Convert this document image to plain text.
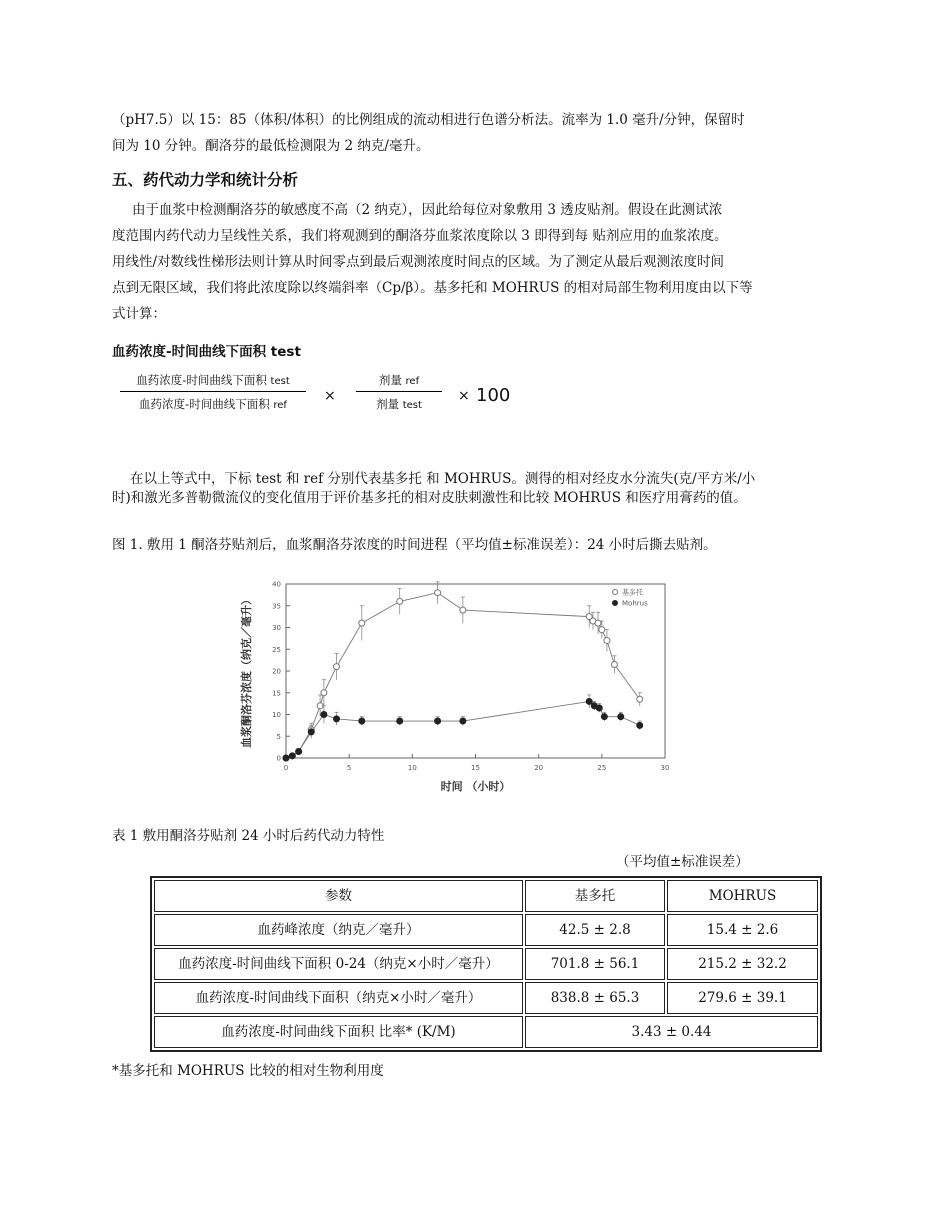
（pH7.5）以 15：85（体积/体积）的比例组成的流动相进行色谱分析法。流率为 1.0 毫升/分钟，保留时

间为 10 分钟。酮洛芬的最低检测限为 2 纳克/毫升。

五、药代动力学和统计分析

由于血浆中检测酮洛芬的敏感度不高（2 纳克），因此给每位对象敷用 3 透皮贴剂。假设在此测试浓

度范围内药代动力呈线性关系，我们将观测到的酮洛芬血浆浓度除以 3 即得到每 贴剂应用的血浆浓度。

用线性/对数线性梯形法则计算从时间零点到最后观测浓度时间点的区域。为了测定从最后观测浓度时间

点到无限区域，我们将此浓度除以终端斜率（Cp/β）。基多托和 MOHRUS 的相对局部生物利用度由以下等

式计算：

血药浓度-时间曲线下面积 test
血药浓度-时间曲线下面积 test
血药浓度-时间曲线下面积 ref
×
剂量 ref
剂量 test
× 100

在以上等式中，下标 test 和 ref 分别代表基多托 和 MOHRUS。测得的相对经皮水分流失(克/平方米/小

时)和激光多普勒微流仪的变化值用于评价基多托的相对皮肤刺激性和比较 MOHRUS 和医疗用膏药的值。

图 1. 敷用 1 酮洛芬贴剂后，血浆酮洛芬浓度的时间进程（平均值±标准误差）：24 小时后撕去贴剂。

表 1 敷用酮洛芬贴剂 24 小时后药代动力特性
（平均值±标准误差）
参数	基多托	MOHRUS
血药峰浓度（纳克／毫升）	42.5 ± 2.8	15.4 ± 2.6
血药浓度-时间曲线下面积 0-24（纳克×小时／毫升）	701.8 ± 56.1	215.2 ± 32.2
血药浓度-时间曲线下面积（纳克×小时／毫升）	838.8 ± 65.3	279.6 ± 39.1
血药浓度-时间曲线下面积 比率* (K/M)	3.43 ± 0.44	
*基多托和 MOHRUS 比较的相对生物利用度
0	5	10	15	20	25	30
0
5
10
15
20
25
30
35
40
时间 （小时）
血浆酮洛芬浓度（纳克／毫升）
基多托
Mohrus
